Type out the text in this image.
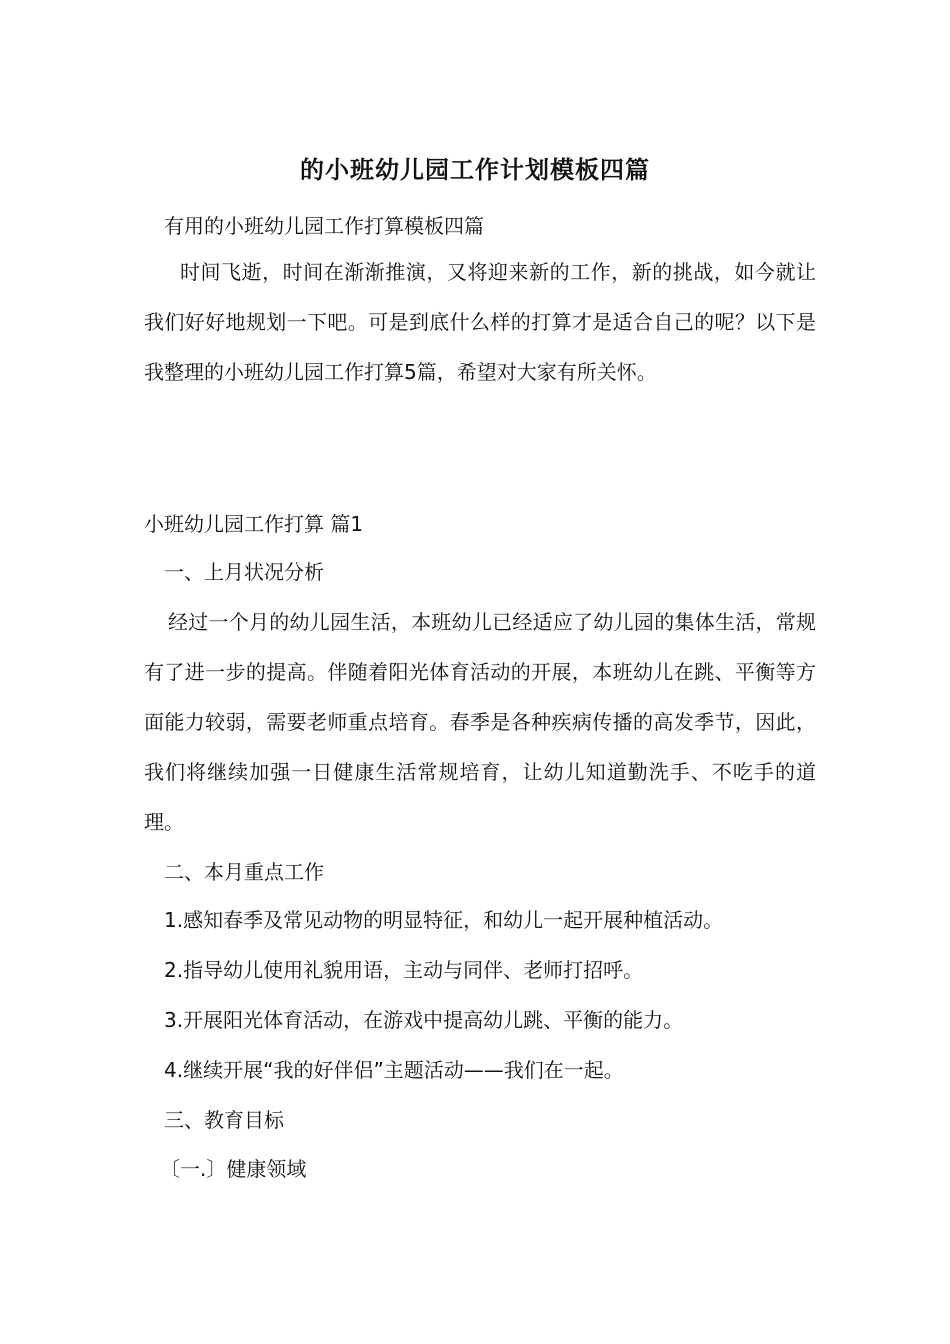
的小班幼儿园工作计划模板四篇

有用的小班幼儿园工作打算模板四篇

时间飞逝，时间在渐渐推演，又将迎来新的工作，新的挑战，如今就让我们好好地规划一下吧。可是到底什么样的打算才是适合自己的呢？以下是我整理的小班幼儿园工作打算5篇，希望对大家有所关怀。

小班幼儿园工作打算 篇1

一、上月状况分析

经过一个月的幼儿园生活，本班幼儿已经适应了幼儿园的集体生活，常规有了进一步的提高。伴随着阳光体育活动的开展，本班幼儿在跳、平衡等方面能力较弱，需要老师重点培育。春季是各种疾病传播的高发季节，因此，我们将继续加强一日健康生活常规培育，让幼儿知道勤洗手、不吃手的道理。

二、本月重点工作

1.感知春季及常见动物的明显特征，和幼儿一起开展种植活动。

2.指导幼儿使用礼貌用语，主动与同伴、老师打招呼。

3.开展阳光体育活动，在游戏中提高幼儿跳、平衡的能力。

4.继续开展“我的好伴侣”主题活动——我们在一起。

三、教育目标

〔一.〕健康领域
